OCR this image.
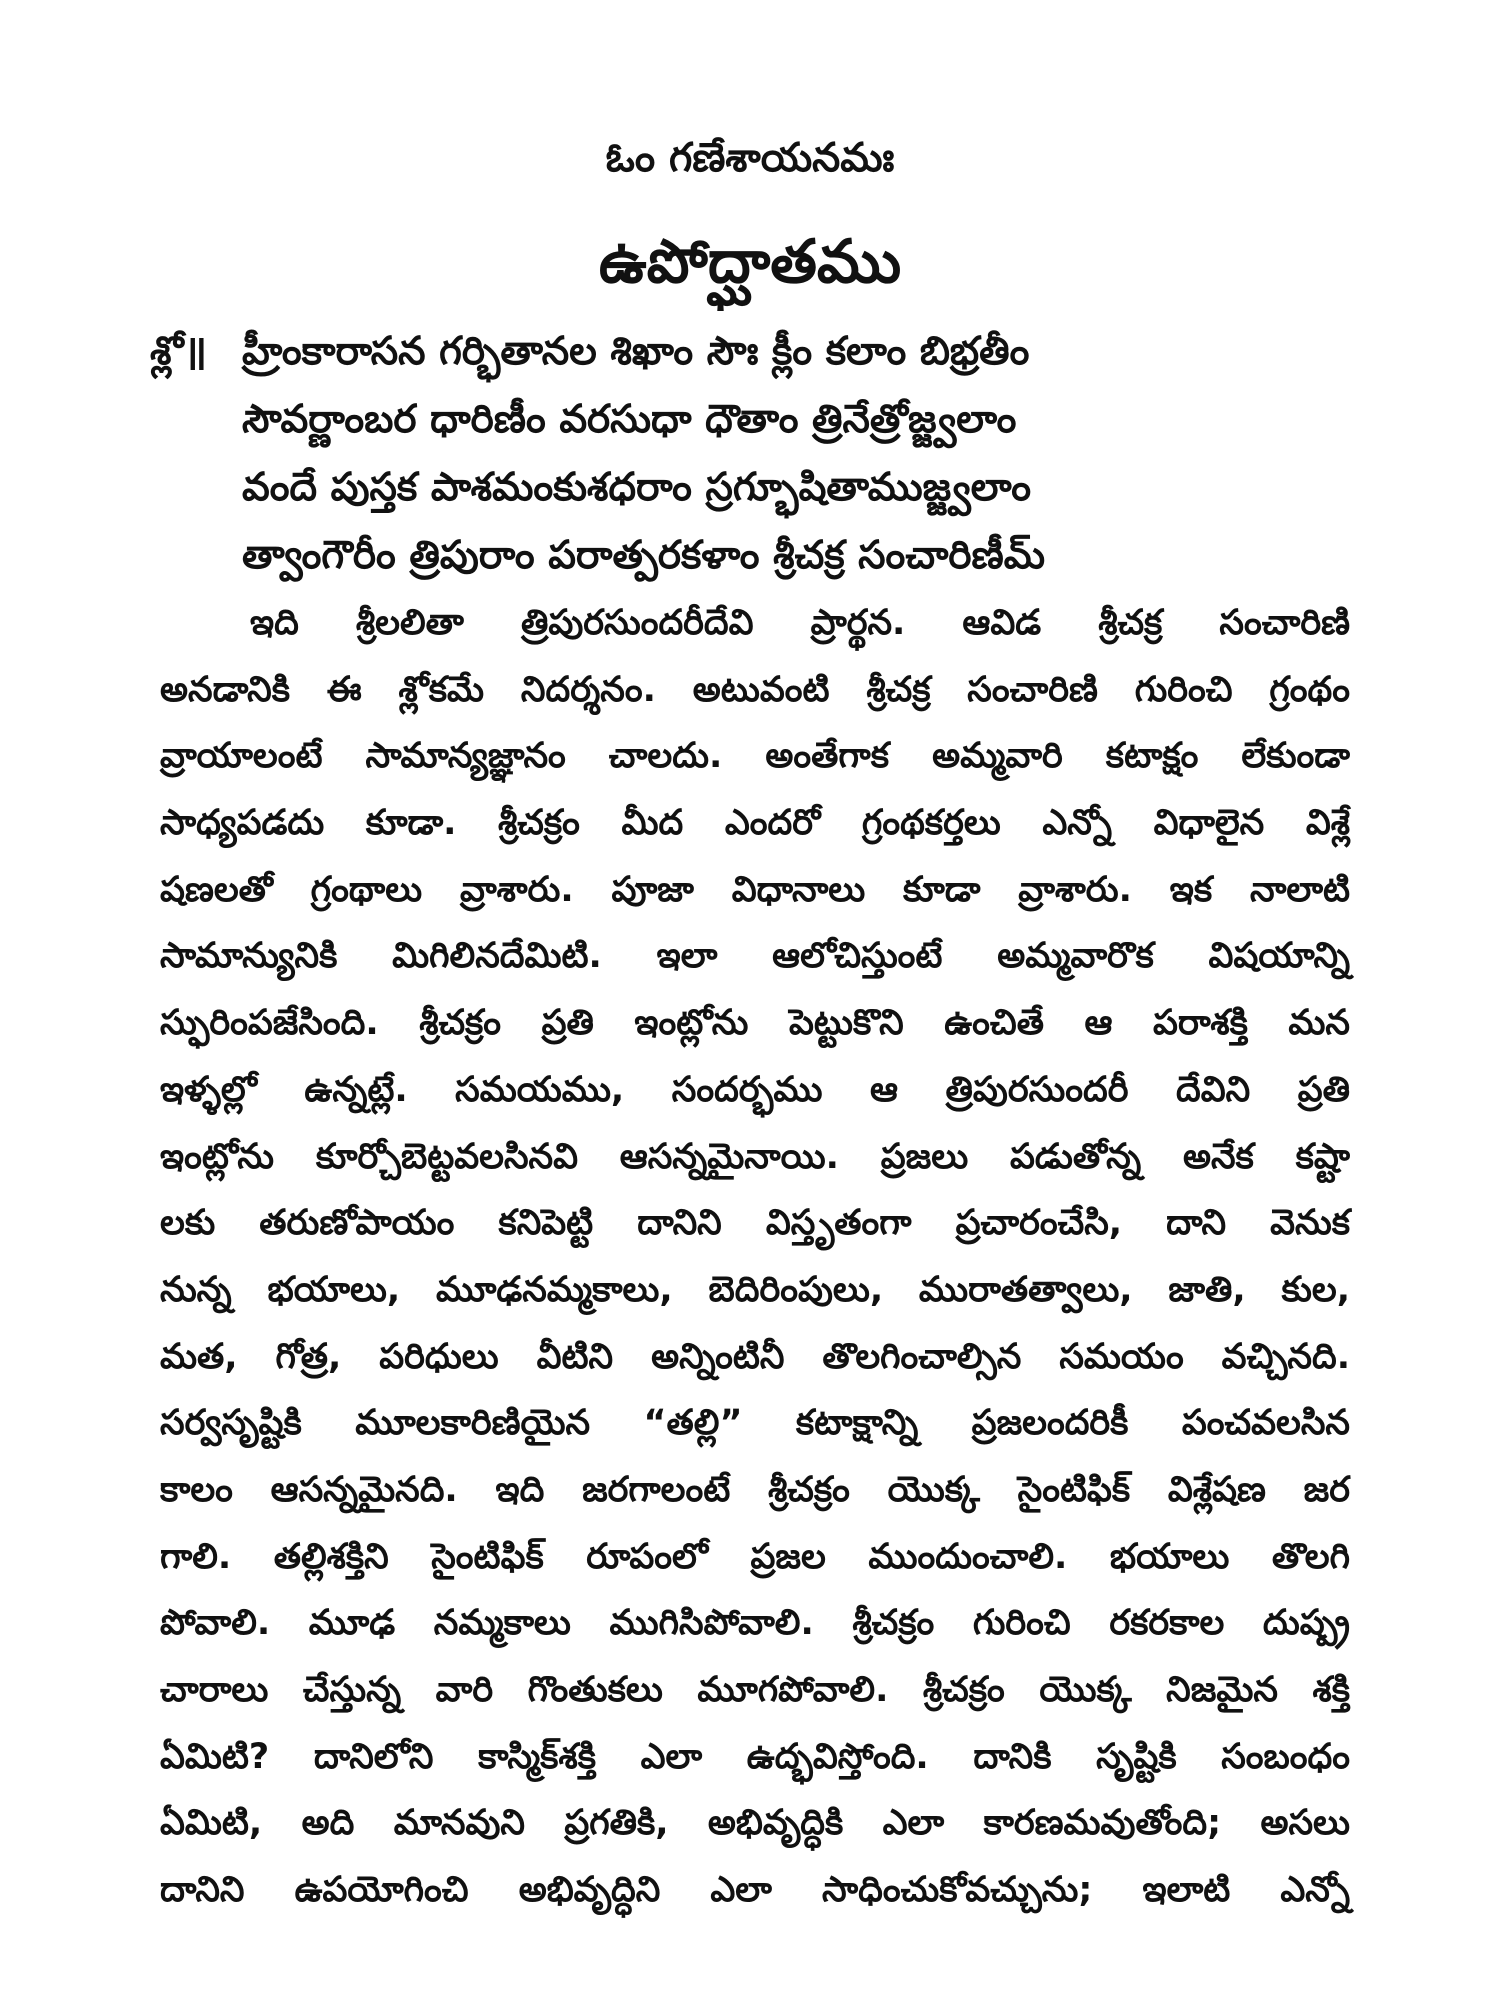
ఓం గణేశాయనమః
ఉపోద్ఘాతము
శ్లో॥ హ్రీంకారాసన గర్భితానల శిఖాం సౌః క్లీం కలాం బిభ్రతీం
సౌవర్ణాంబర ధారిణీం వరసుధా ధౌతాం త్రినేత్రోజ్జ్వలాం
వందే పుస్తక పాశమంకుశధరాం స్రగ్భూషితాముజ్జ్వలాం
త్వాంగౌరీం త్రిపురాం పరాత్పరకళాం శ్రీచక్ర సంచారిణీమ్
ఇది శ్రీలలితా త్రిపురసుందరీదేవి ప్రార్థన. ఆవిడ శ్రీచక్ర సంచారిణి
అనడానికి ఈ శ్లోకమే నిదర్శనం. అటువంటి శ్రీచక్ర సంచారిణి గురించి గ్రంథం
వ్రాయాలంటే సామాన్యజ్ఞానం చాలదు. అంతేగాక అమ్మవారి కటాక్షం లేకుండా
సాధ్యపడదు కూడా. శ్రీచక్రం మీద ఎందరో గ్రంథకర్తలు ఎన్నో విధాలైన విశ్లే
షణలతో గ్రంథాలు వ్రాశారు. పూజా విధానాలు కూడా వ్రాశారు. ఇక నాలాటి
సామాన్యునికి మిగిలినదేమిటి. ఇలా ఆలోచిస్తుంటే అమ్మవారొక విషయాన్ని
స్ఫురింపజేసింది. శ్రీచక్రం ప్రతి ఇంట్లోను పెట్టుకొని ఉంచితే ఆ పరాశక్తి మన
ఇళ్ళల్లో ఉన్నట్లే. సమయము, సందర్భము ఆ త్రిపురసుందరీ దేవిని ప్రతి
ఇంట్లోను కూర్చోబెట్టవలసినవి ఆసన్నమైనాయి. ప్రజలు పడుతోన్న అనేక కష్టా
లకు తరుణోపాయం కనిపెట్టి దానిని విస్తృతంగా ప్రచారంచేసి, దాని వెనుక
నున్న భయాలు, మూఢనమ్మకాలు, బెదిరింపులు, మురాతత్వాలు, జాతి, కుల,
మత, గోత్ర, పరిధులు వీటిని అన్నింటినీ తొలగించాల్సిన సమయం వచ్చినది.
సర్వసృష్టికి మూలకారిణియైన “తల్లి” కటాక్షాన్ని ప్రజలందరికీ పంచవలసిన
కాలం ఆసన్నమైనది. ఇది జరగాలంటే శ్రీచక్రం యొక్క సైంటిఫిక్ విశ్లేషణ జర
గాలి. తల్లిశక్తిని సైంటిఫిక్ రూపంలో ప్రజల ముందుంచాలి. భయాలు తొలగి
పోవాలి. మూఢ నమ్మకాలు ముగిసిపోవాలి. శ్రీచక్రం గురించి రకరకాల దుష్ప్ర
చారాలు చేస్తున్న వారి గొంతుకలు మూగపోవాలి. శ్రీచక్రం యొక్క నిజమైన శక్తి
ఏమిటి? దానిలోని కాస్మిక్‌శక్తి ఎలా ఉద్భవిస్తోంది. దానికి సృష్టికి సంబంధం
ఏమిటి, అది మానవుని ప్రగతికి, అభివృద్ధికి ఎలా కారణమవుతోంది; అసలు
దానిని ఉపయోగించి అభివృద్ధిని ఎలా సాధించుకోవచ్చును; ఇలాటి ఎన్నో
